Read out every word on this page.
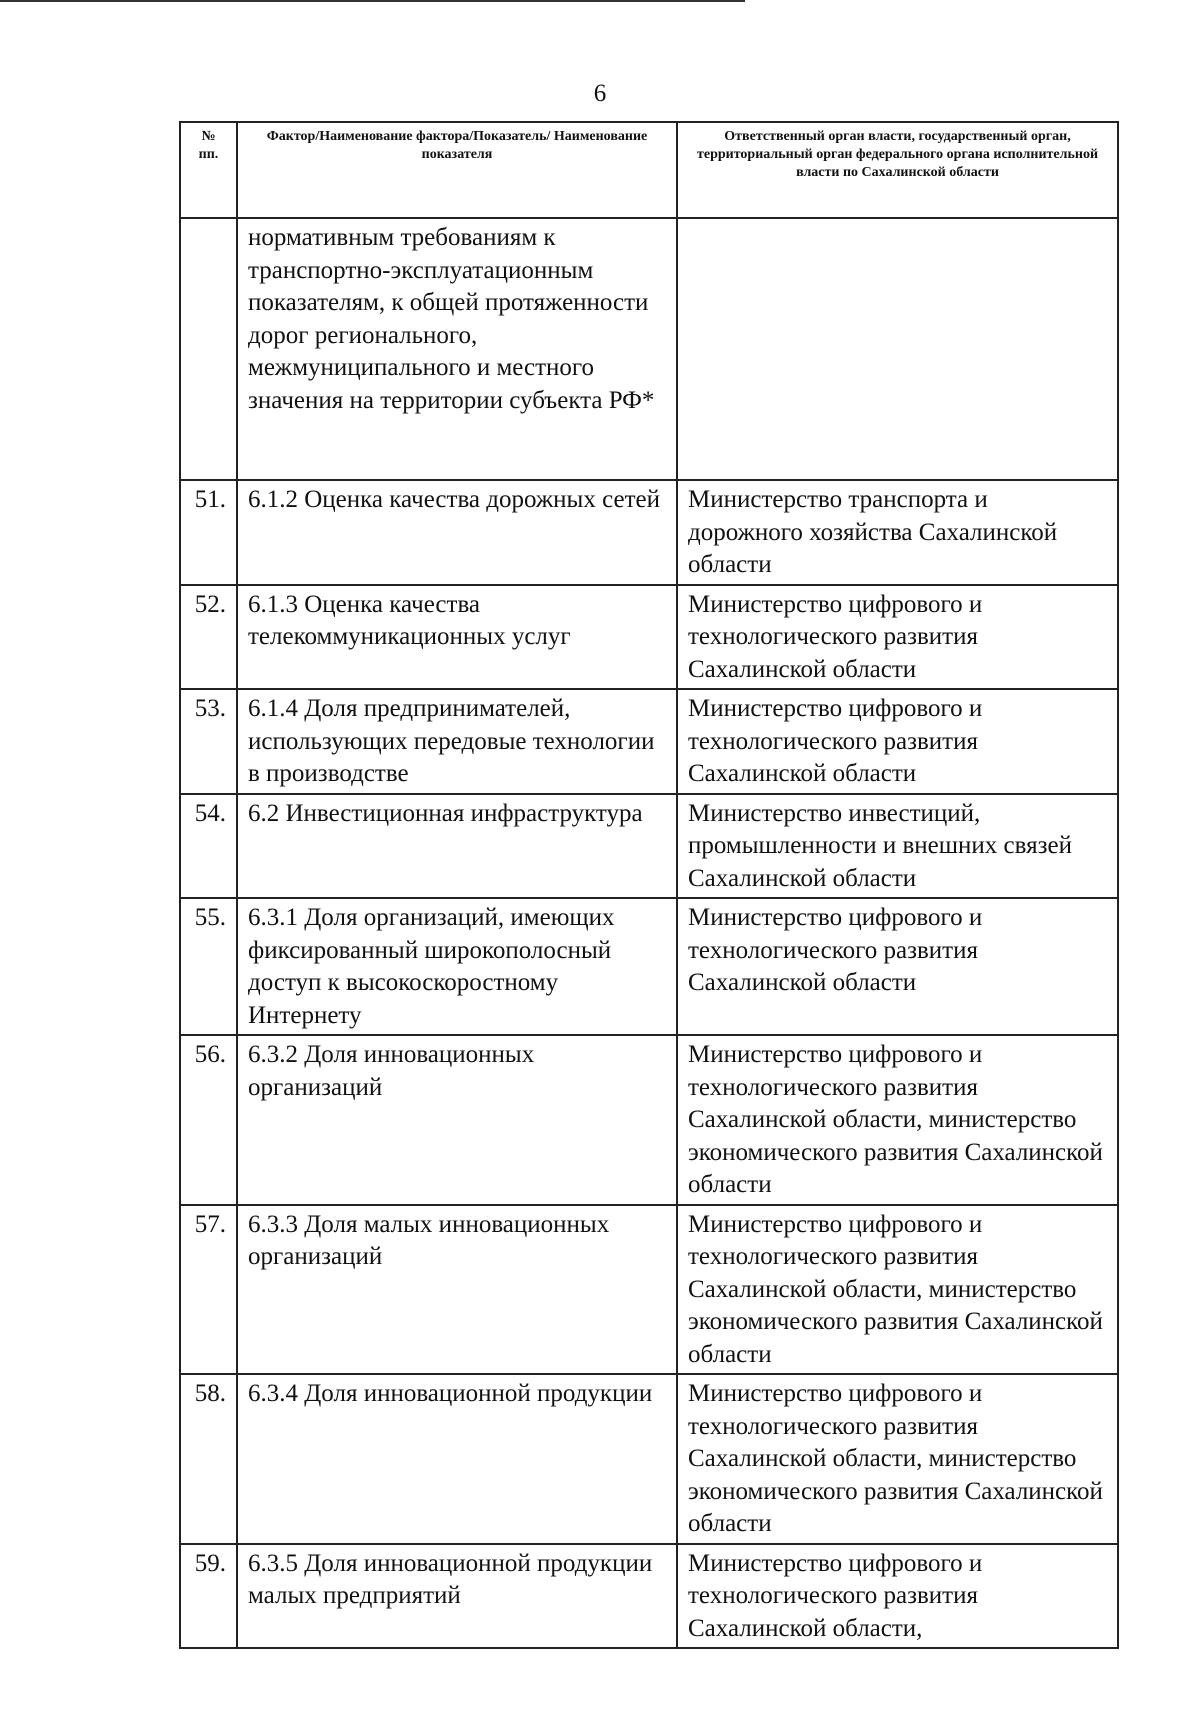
6
№ пп.	Фактор/Наименование фактора/Показатель/ Наименование показателя	Ответственный орган власти, государственный орган, территориальный орган федерального органа исполнительной власти по Сахалинской области
	нормативным требованиям к транспортно-эксплуатационным показателям, к общей протяженности дорог регионального, межмуниципального и местного значения на территории субъекта РФ*	
51.	6.1.2 Оценка качества дорожных сетей	Министерство транспорта и дорожного хозяйства Сахалинской области
52.	6.1.3 Оценка качества телекоммуникационных услуг	Министерство цифрового и технологического развития Сахалинской области
53.	6.1.4 Доля предпринимателей, использующих передовые технологии в производстве	Министерство цифрового и технологического развития Сахалинской области
54.	6.2 Инвестиционная инфраструктура	Министерство инвестиций, промышленности и внешних связей Сахалинской области
55.	6.3.1 Доля организаций, имеющих фиксированный широкополосный доступ к высокоскоростному Интернету	Министерство цифрового и технологического развития Сахалинской области
56.	6.3.2 Доля инновационных организаций	Министерство цифрового и технологического развития Сахалинской области, министерство экономического развития Сахалинской области
57.	6.3.3 Доля малых инновационных организаций	Министерство цифрового и технологического развития Сахалинской области, министерство экономического развития Сахалинской области
58.	6.3.4 Доля инновационной продукции	Министерство цифрового и технологического развития Сахалинской области, министерство экономического развития Сахалинской области
59.	6.3.5 Доля инновационной продукции малых предприятий	Министерство цифрового и технологического развития Сахалинской области,
